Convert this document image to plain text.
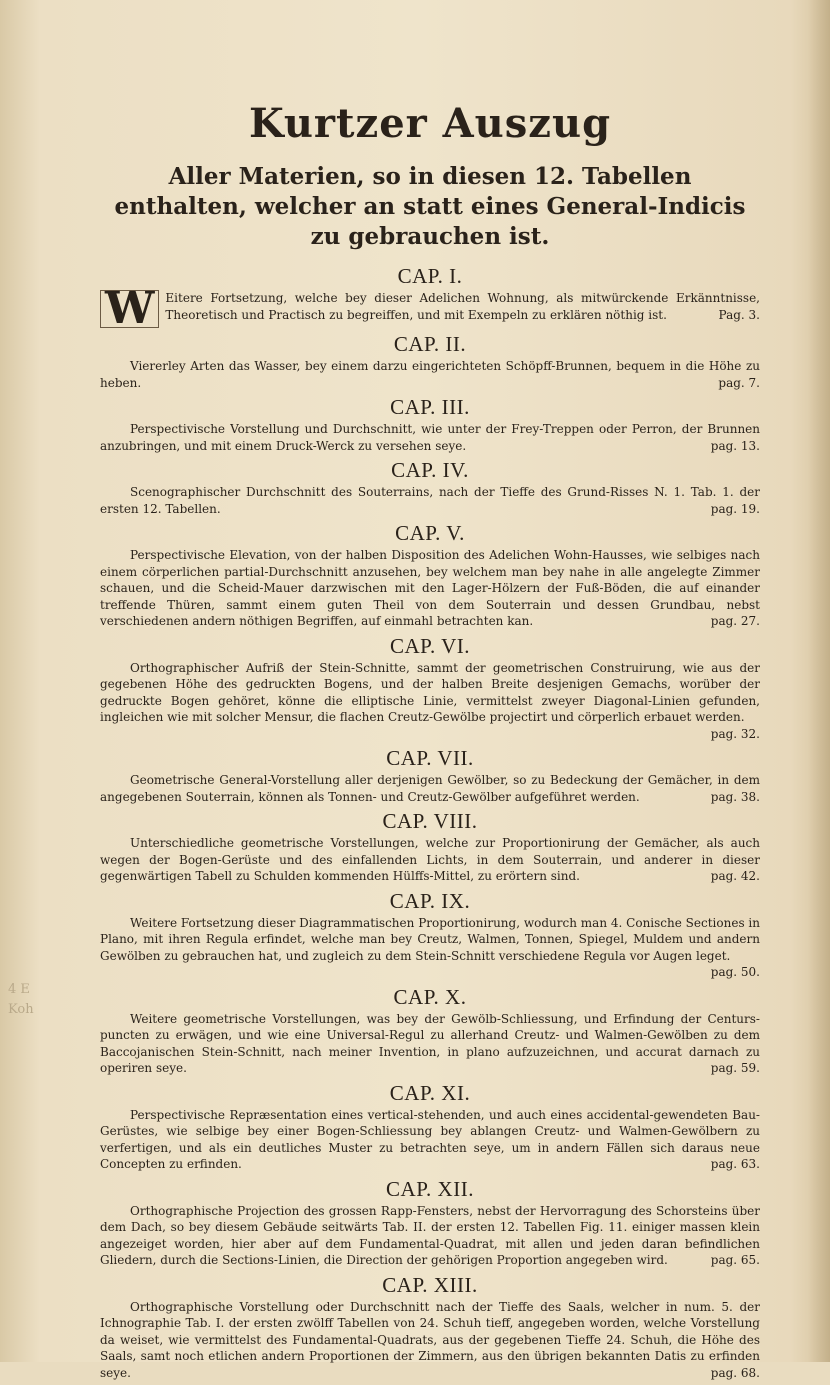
4 E
Koh
Kurtzer Auszug
Aller Materien, so in diesen 12. Tabellen enthalten, welcher an statt eines General-Indicis zu gebrauchen ist.
CAP. I.

W Eitere Fortsetzung, welche bey dieser Adelichen Wohnung, als mitwürckende Erkänntnisse, Theoretisch und Practisch zu begreiffen, und mit Exempeln zu erklären nöthig ist.	Pag. 3.

CAP. II.

Viererley Arten das Wasser, bey einem darzu eingerichteten Schöpff-Brunnen, bequem in die Höhe zu heben.	pag. 7.

CAP. III.

Perspectivische Vorstellung und Durchschnitt, wie unter der Frey-Treppen oder Perron, der Brunnen anzubringen, und mit einem Druck-Werck zu versehen seye.	pag. 13.

CAP. IV.

Scenographischer Durchschnitt des Souterrains, nach der Tieffe des Grund-Risses N. 1. Tab. 1. der ersten 12. Tabellen.	pag. 19.

CAP. V.

Perspectivische Elevation, von der halben Disposition des Adelichen Wohn-Hausses, wie selbiges nach einem cörperlichen partial-Durchschnitt anzusehen, bey welchem man bey nahe in alle angelegte Zimmer schauen, und die Scheid-Mauer darzwischen mit den Lager-Hölzern der Fuß-Böden, die auf einander treffende Thüren, sammt einem guten Theil von dem Souterrain und dessen Grundbau, nebst verschiedenen andern nöthigen Begriffen, auf einmahl betrachten kan.	pag. 27.

CAP. VI.

Orthographischer Aufriß der Stein-Schnitte, sammt der geometrischen Construirung, wie aus der gegebenen Höhe des gedruckten Bogens, und der halben Breite desjenigen Gemachs, worüber der gedruckte Bogen gehöret, könne die elliptische Linie, vermittelst zweyer Diagonal-Linien gefunden, ingleichen wie mit solcher Mensur, die flachen Creutz-Gewölbe projectirt und cörperlich erbauet werden.
pag. 32.

CAP. VII.

Geometrische General-Vorstellung aller derjenigen Gewölber, so zu Bedeckung der Gemächer, in dem angegebenen Souterrain, können als Tonnen- und Creutz-Gewölber aufgeführet werden.	pag. 38.

CAP. VIII.

Unterschiedliche geometrische Vorstellungen, welche zur Proportionirung der Gemächer, als auch wegen der Bogen-Gerüste und des einfallenden Lichts, in dem Souterrain, und anderer in dieser gegenwärtigen Tabell zu Schulden kommenden Hülffs-Mittel, zu erörtern sind.	pag. 42.

CAP. IX.

Weitere Fortsetzung dieser Diagrammatischen Proportionirung, wodurch man 4. Conische Sectiones in Plano, mit ihren Regula erfindet, welche man bey Creutz, Walmen, Tonnen, Spiegel, Muldem und andern Gewölben zu gebrauchen hat, und zugleich zu dem Stein-Schnitt verschiedene Regula vor Augen leget.
pag. 50.

CAP. X.

Weitere geometrische Vorstellungen, was bey der Gewölb-Schliessung, und Erfindung der Centurs-puncten zu erwägen, und wie eine Universal-Regul zu allerhand Creutz- und Walmen-Gewölben zu dem Baccojanischen Stein-Schnitt, nach meiner Invention, in plano aufzuzeichnen, und accurat darnach zu operiren seye.	pag. 59.

CAP. XI.

Perspectivische Repræsentation eines vertical-stehenden, und auch eines accidental-gewendeten Bau-Gerüstes, wie selbige bey einer Bogen-Schliessung bey ablangen Creutz- und Walmen-Gewölbern zu verfertigen, und als ein deutliches Muster zu betrachten seye, um in andern Fällen sich daraus neue Concepten zu erfinden.	pag. 63.

CAP. XII.

Orthographische Projection des grossen Rapp-Fensters, nebst der Hervorragung des Schorsteins über dem Dach, so bey diesem Gebäude seitwärts Tab. II. der ersten 12. Tabellen Fig. 11. einiger massen klein angezeiget worden, hier aber auf dem Fundamental-Quadrat, mit allen und jeden daran befindlichen Gliedern, durch die Sections-Linien, die Direction der gehörigen Proportion angegeben wird.	pag. 65.

CAP. XIII.

Orthographische Vorstellung oder Durchschnitt nach der Tieffe des Saals, welcher in num. 5. der Ichnographie Tab. I. der ersten zwölff Tabellen von 24. Schuh tieff, angegeben worden, welche Vorstellung da weiset, wie vermittelst des Fundamental-Quadrats, aus der gegebenen Tieffe 24. Schuh, die Höhe des Saals, samt noch etlichen andern Proportionen der Zimmern, aus den übrigen bekannten Datis zu erfinden seye.	pag. 68.
